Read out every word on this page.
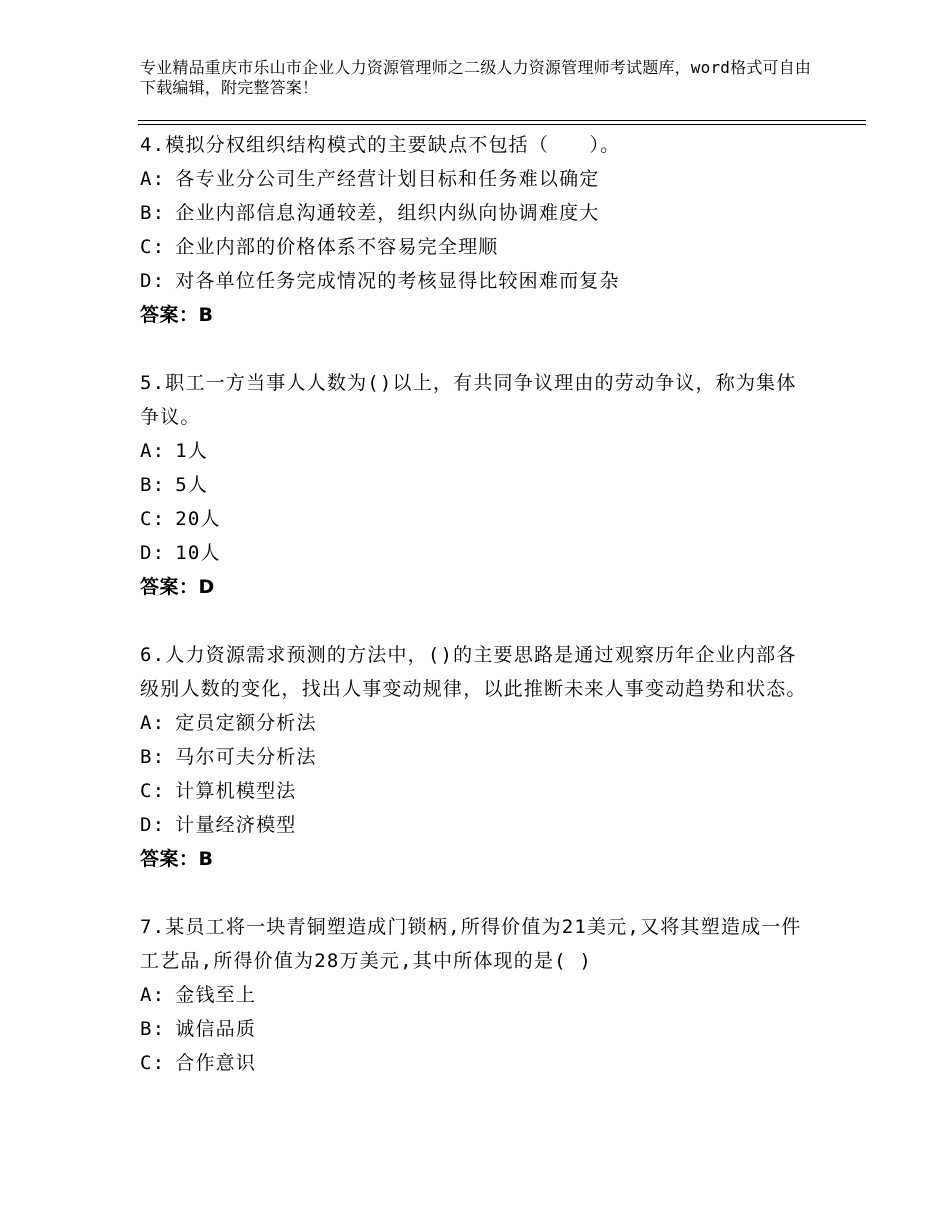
专业精品重庆市乐山市企业人力资源管理师之二级人力资源管理师考试题库，word格式可自由下载编辑，附完整答案！
4.模拟分权组织结构模式的主要缺点不包括（　　）。
A: 各专业分公司生产经营计划目标和任务难以确定
B: 企业内部信息沟通较差，组织内纵向协调难度大
C: 企业内部的价格体系不容易完全理顺
D: 对各单位任务完成情况的考核显得比较困难而复杂
答案：B
5.职工一方当事人人数为()以上，有共同争议理由的劳动争议，称为集体争议。
A: 1人
B: 5人
C: 20人
D: 10人
答案：D
6.人力资源需求预测的方法中，()的主要思路是通过观察历年企业内部各级别人数的变化，找出人事变动规律，以此推断未来人事变动趋势和状态。
A: 定员定额分析法
B: 马尔可夫分析法
C: 计算机模型法
D: 计量经济模型
答案：B
7.某员工将一块青铜塑造成门锁柄,所得价值为21美元,又将其塑造成一件工艺品,所得价值为28万美元,其中所体现的是( )
A: 金钱至上
B: 诚信品质
C: 合作意识
